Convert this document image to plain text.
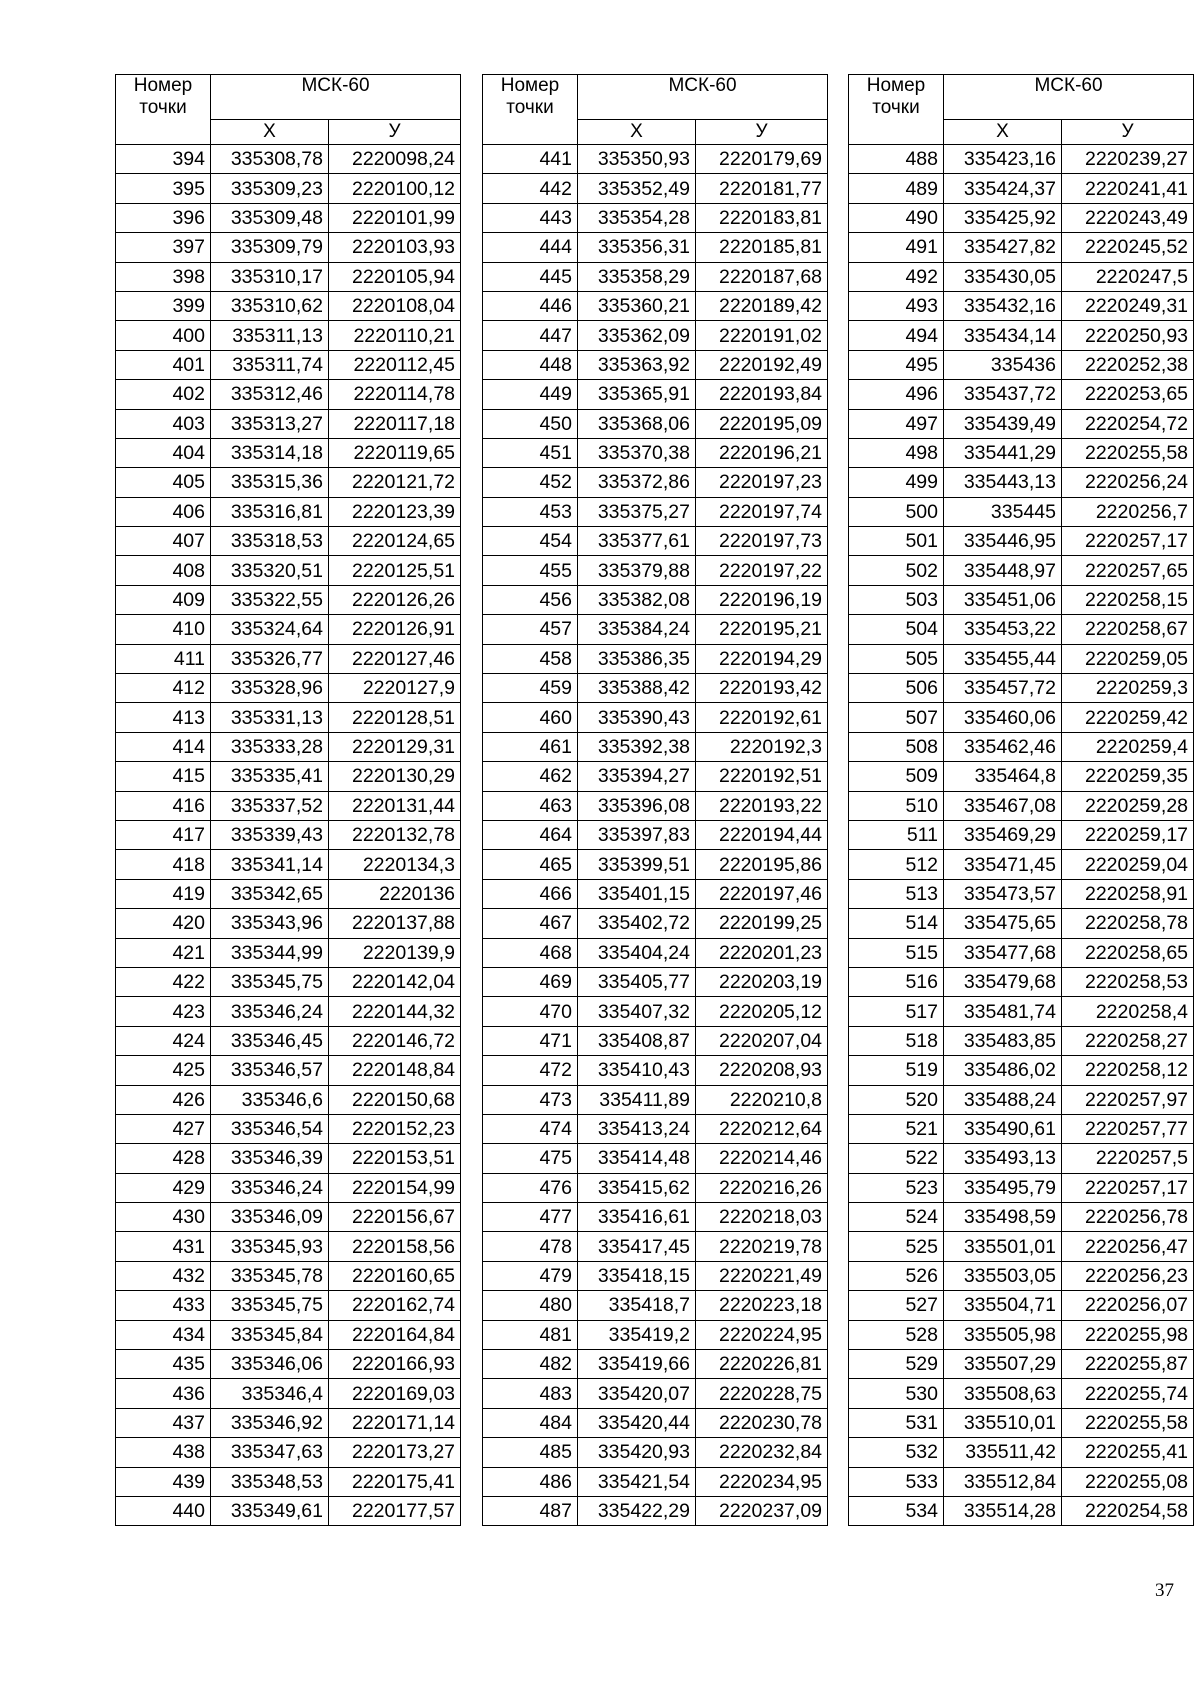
Номер точки	МСК-60	
	Х	У
394	335308,78	2220098,24
395	335309,23	2220100,12
396	335309,48	2220101,99
397	335309,79	2220103,93
398	335310,17	2220105,94
399	335310,62	2220108,04
400	335311,13	2220110,21
401	335311,74	2220112,45
402	335312,46	2220114,78
403	335313,27	2220117,18
404	335314,18	2220119,65
405	335315,36	2220121,72
406	335316,81	2220123,39
407	335318,53	2220124,65
408	335320,51	2220125,51
409	335322,55	2220126,26
410	335324,64	2220126,91
411	335326,77	2220127,46
412	335328,96	2220127,9
413	335331,13	2220128,51
414	335333,28	2220129,31
415	335335,41	2220130,29
416	335337,52	2220131,44
417	335339,43	2220132,78
418	335341,14	2220134,3
419	335342,65	2220136
420	335343,96	2220137,88
421	335344,99	2220139,9
422	335345,75	2220142,04
423	335346,24	2220144,32
424	335346,45	2220146,72
425	335346,57	2220148,84
426	335346,6	2220150,68
427	335346,54	2220152,23
428	335346,39	2220153,51
429	335346,24	2220154,99
430	335346,09	2220156,67
431	335345,93	2220158,56
432	335345,78	2220160,65
433	335345,75	2220162,74
434	335345,84	2220164,84
435	335346,06	2220166,93
436	335346,4	2220169,03
437	335346,92	2220171,14
438	335347,63	2220173,27
439	335348,53	2220175,41
440	335349,61	2220177,57
Номер точки	МСК-60	
	Х	У
441	335350,93	2220179,69
442	335352,49	2220181,77
443	335354,28	2220183,81
444	335356,31	2220185,81
445	335358,29	2220187,68
446	335360,21	2220189,42
447	335362,09	2220191,02
448	335363,92	2220192,49
449	335365,91	2220193,84
450	335368,06	2220195,09
451	335370,38	2220196,21
452	335372,86	2220197,23
453	335375,27	2220197,74
454	335377,61	2220197,73
455	335379,88	2220197,22
456	335382,08	2220196,19
457	335384,24	2220195,21
458	335386,35	2220194,29
459	335388,42	2220193,42
460	335390,43	2220192,61
461	335392,38	2220192,3
462	335394,27	2220192,51
463	335396,08	2220193,22
464	335397,83	2220194,44
465	335399,51	2220195,86
466	335401,15	2220197,46
467	335402,72	2220199,25
468	335404,24	2220201,23
469	335405,77	2220203,19
470	335407,32	2220205,12
471	335408,87	2220207,04
472	335410,43	2220208,93
473	335411,89	2220210,8
474	335413,24	2220212,64
475	335414,48	2220214,46
476	335415,62	2220216,26
477	335416,61	2220218,03
478	335417,45	2220219,78
479	335418,15	2220221,49
480	335418,7	2220223,18
481	335419,2	2220224,95
482	335419,66	2220226,81
483	335420,07	2220228,75
484	335420,44	2220230,78
485	335420,93	2220232,84
486	335421,54	2220234,95
487	335422,29	2220237,09
Номер точки	МСК-60	
	Х	У
488	335423,16	2220239,27
489	335424,37	2220241,41
490	335425,92	2220243,49
491	335427,82	2220245,52
492	335430,05	2220247,5
493	335432,16	2220249,31
494	335434,14	2220250,93
495	335436	2220252,38
496	335437,72	2220253,65
497	335439,49	2220254,72
498	335441,29	2220255,58
499	335443,13	2220256,24
500	335445	2220256,7
501	335446,95	2220257,17
502	335448,97	2220257,65
503	335451,06	2220258,15
504	335453,22	2220258,67
505	335455,44	2220259,05
506	335457,72	2220259,3
507	335460,06	2220259,42
508	335462,46	2220259,4
509	335464,8	2220259,35
510	335467,08	2220259,28
511	335469,29	2220259,17
512	335471,45	2220259,04
513	335473,57	2220258,91
514	335475,65	2220258,78
515	335477,68	2220258,65
516	335479,68	2220258,53
517	335481,74	2220258,4
518	335483,85	2220258,27
519	335486,02	2220258,12
520	335488,24	2220257,97
521	335490,61	2220257,77
522	335493,13	2220257,5
523	335495,79	2220257,17
524	335498,59	2220256,78
525	335501,01	2220256,47
526	335503,05	2220256,23
527	335504,71	2220256,07
528	335505,98	2220255,98
529	335507,29	2220255,87
530	335508,63	2220255,74
531	335510,01	2220255,58
532	335511,42	2220255,41
533	335512,84	2220255,08
534	335514,28	2220254,58
37
